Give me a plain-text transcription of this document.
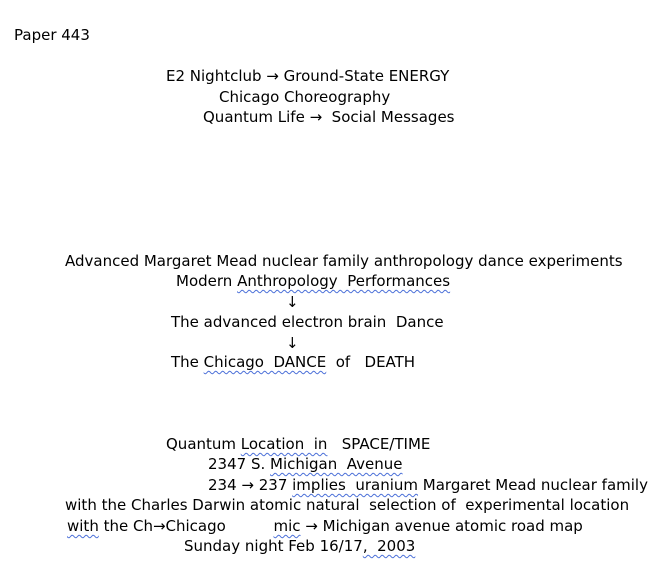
Paper 443
E2 Nightclub → Ground-State ENERGY
Chicago Choreography
Quantum Life →  Social Messages
Advanced Margaret Mead nuclear family anthropology dance experiments
Modern Anthropology  Performances
↓
The advanced electron brain  Dance
↓
The Chicago  DANCE  of   DEATH
Quantum Location  in   SPACE/TIME
2347 S. Michigan  Avenue
234 → 237 implies  uranium Margaret Mead nuclear family
with the Charles Darwin atomic natural  selection of  experimental location
with the Ch→Chicago          mic → Michigan avenue atomic road map
Sunday night Feb 16/17,  2003
